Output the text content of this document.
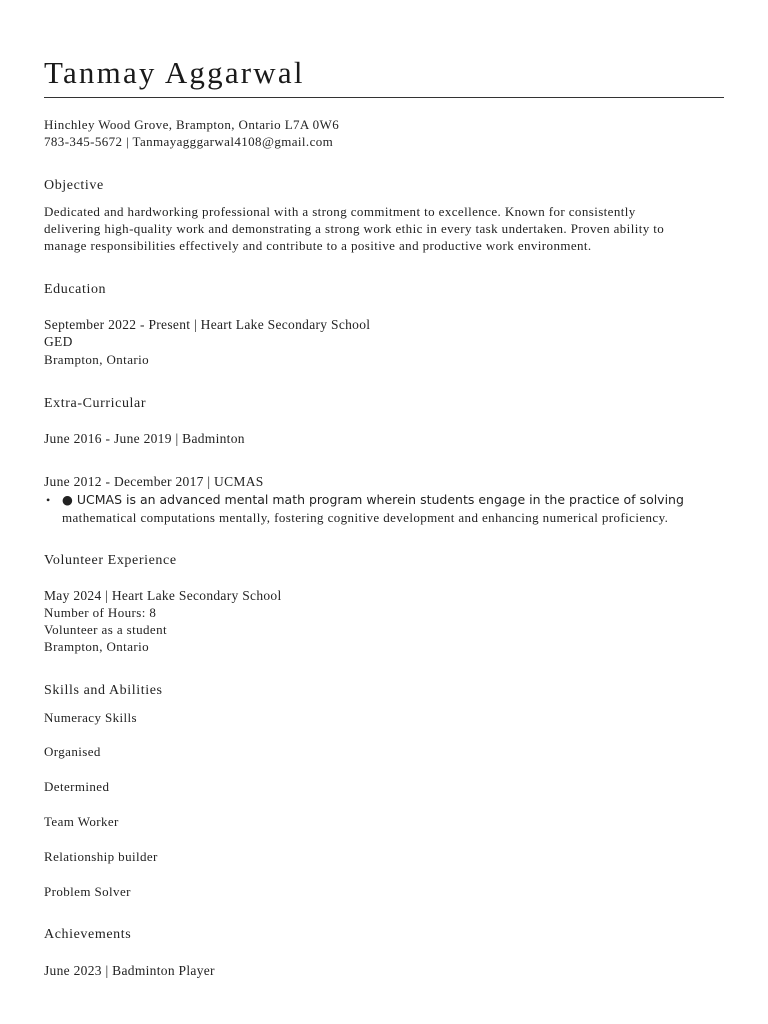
Tanmay Aggarwal
Hinchley Wood Grove, Brampton, Ontario L7A 0W6
783-345-5672 | Tanmayagggarwal4108@gmail.com
Objective
Dedicated and hardworking professional with a strong commitment to excellence. Known for consistently
delivering high-quality work and demonstrating a strong work ethic in every task undertaken. Proven ability to
manage responsibilities effectively and contribute to a positive and productive work environment.
Education
September 2022 - Present | Heart Lake Secondary School
GED
Brampton, Ontario
Extra-Curricular
June 2016 - June 2019 | Badminton
June 2012 - December 2017 | UCMAS
• ● UCMAS is an advanced mental math program wherein students engage in the practice of solving
mathematical computations mentally, fostering cognitive development and enhancing numerical proficiency.
Volunteer Experience
May 2024 | Heart Lake Secondary School
Number of Hours: 8
Volunteer as a student
Brampton, Ontario
Skills and Abilities
Numeracy Skills
Organised
Determined
Team Worker
Relationship builder
Problem Solver
Achievements
June 2023 | Badminton Player
